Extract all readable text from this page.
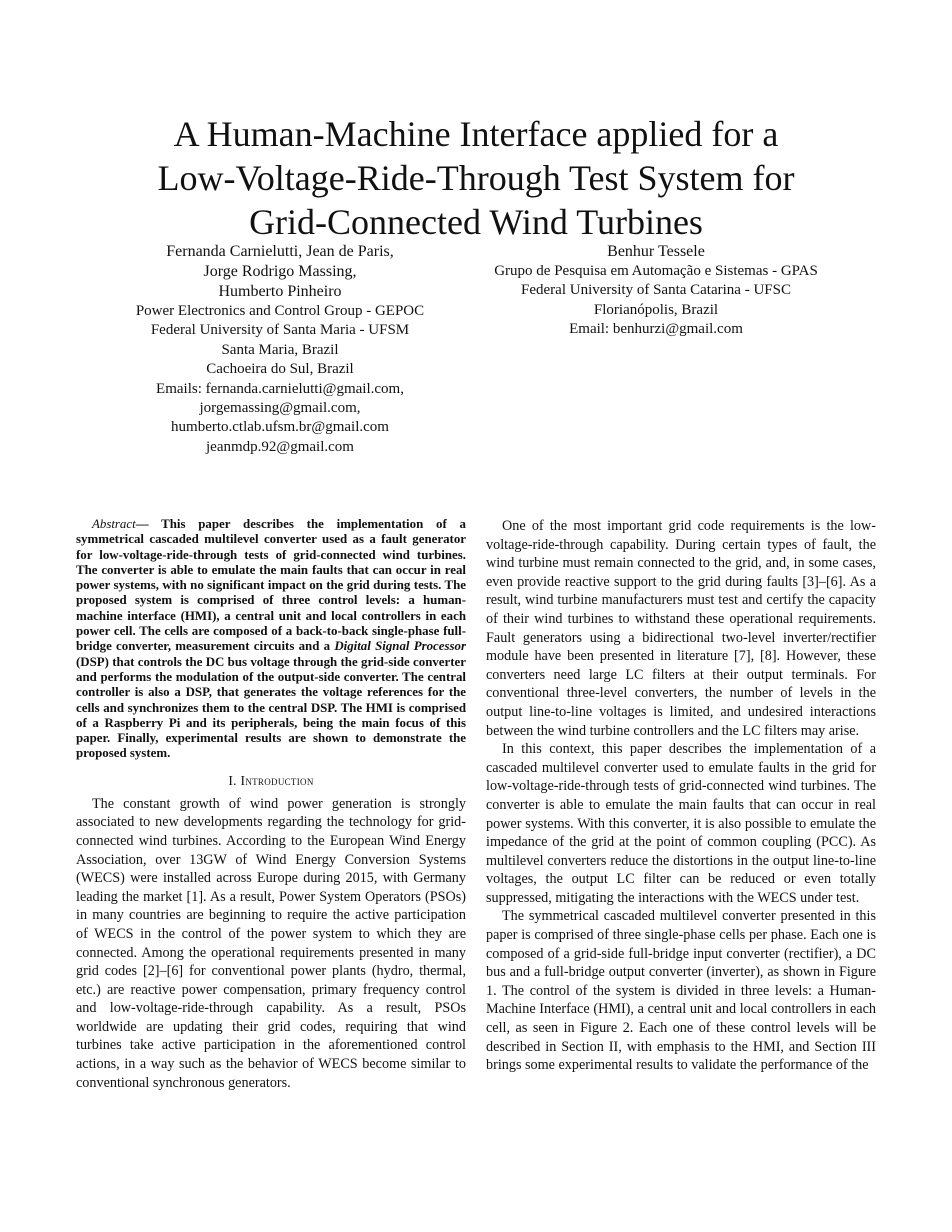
A Human-Machine Interface applied for a
Low-Voltage-Ride-Through Test System for
Grid-Connected Wind Turbines
Fernanda Carnielutti, Jean de Paris,
Jorge Rodrigo Massing,
Humberto Pinheiro
Power Electronics and Control Group - GEPOC
Federal University of Santa Maria - UFSM
Santa Maria, Brazil
Cachoeira do Sul, Brazil
Emails: fernanda.carnielutti@gmail.com,
jorgemassing@gmail.com,
humberto.ctlab.ufsm.br@gmail.com
jeanmdp.92@gmail.com
Benhur Tessele
Grupo de Pesquisa em Automação e Sistemas - GPAS
Federal University of Santa Catarina - UFSC
Florianópolis, Brazil
Email: benhurzi@gmail.com

Abstract— This paper describes the implementation of a symmetrical cascaded multilevel converter used as a fault generator for low-voltage-ride-through tests of grid-connected wind turbines. The converter is able to emulate the main faults that can occur in real power systems, with no significant impact on the grid during tests. The proposed system is comprised of three control levels: a human-machine interface (HMI), a central unit and local controllers in each power cell. The cells are composed of a back-to-back single-phase full-bridge converter, measurement circuits and a Digital Signal Processor (DSP) that controls the DC bus voltage through the grid-side converter and performs the modulation of the output-side converter. The central controller is also a DSP, that generates the voltage references for the cells and synchronizes them to the central DSP. The HMI is comprised of a Raspberry Pi and its peripherals, being the main focus of this paper. Finally, experimental results are shown to demonstrate the proposed system.

I. Introduction

The constant growth of wind power generation is strongly associated to new developments regarding the technology for grid-connected wind turbines. According to the European Wind Energy Association, over 13GW of Wind Energy Conversion Systems (WECS) were installed across Europe during 2015, with Germany leading the market [1]. As a result, Power System Operators (PSOs) in many countries are beginning to require the active participation of WECS in the control of the power system to which they are connected. Among the operational requirements presented in many grid codes [2]–[6] for conventional power plants (hydro, thermal, etc.) are reactive power compensation, primary frequency control and low-voltage-ride-through capability. As a result, PSOs worldwide are updating their grid codes, requiring that wind turbines take active participation in the aforementioned control actions, in a way such as the behavior of WECS become similar to conventional synchronous generators.

One of the most important grid code requirements is the low-voltage-ride-through capability. During certain types of fault, the wind turbine must remain connected to the grid, and, in some cases, even provide reactive support to the grid during faults [3]–[6]. As a result, wind turbine manufacturers must test and certify the capacity of their wind turbines to withstand these operational requirements. Fault generators using a bidirectional two-level inverter/rectifier module have been presented in literature [7], [8]. However, these converters need large LC filters at their output terminals. For conventional three-level converters, the number of levels in the output line-to-line voltages is limited, and undesired interactions between the wind turbine controllers and the LC filters may arise.

In this context, this paper describes the implementation of a cascaded multilevel converter used to emulate faults in the grid for low-voltage-ride-through tests of grid-connected wind turbines. The converter is able to emulate the main faults that can occur in real power systems. With this converter, it is also possible to emulate the impedance of the grid at the point of common coupling (PCC). As multilevel converters reduce the distortions in the output line-to-line voltages, the output LC filter can be reduced or even totally suppressed, mitigating the interactions with the WECS under test.

The symmetrical cascaded multilevel converter presented in this paper is comprised of three single-phase cells per phase. Each one is composed of a grid-side full-bridge input converter (rectifier), a DC bus and a full-bridge output converter (inverter), as shown in Figure 1. The control of the system is divided in three levels: a Human-Machine Interface (HMI), a central unit and local controllers in each cell, as seen in Figure 2. Each one of these control levels will be described in Section II, with emphasis to the HMI, and Section III brings some experimental results to validate the performance of the
